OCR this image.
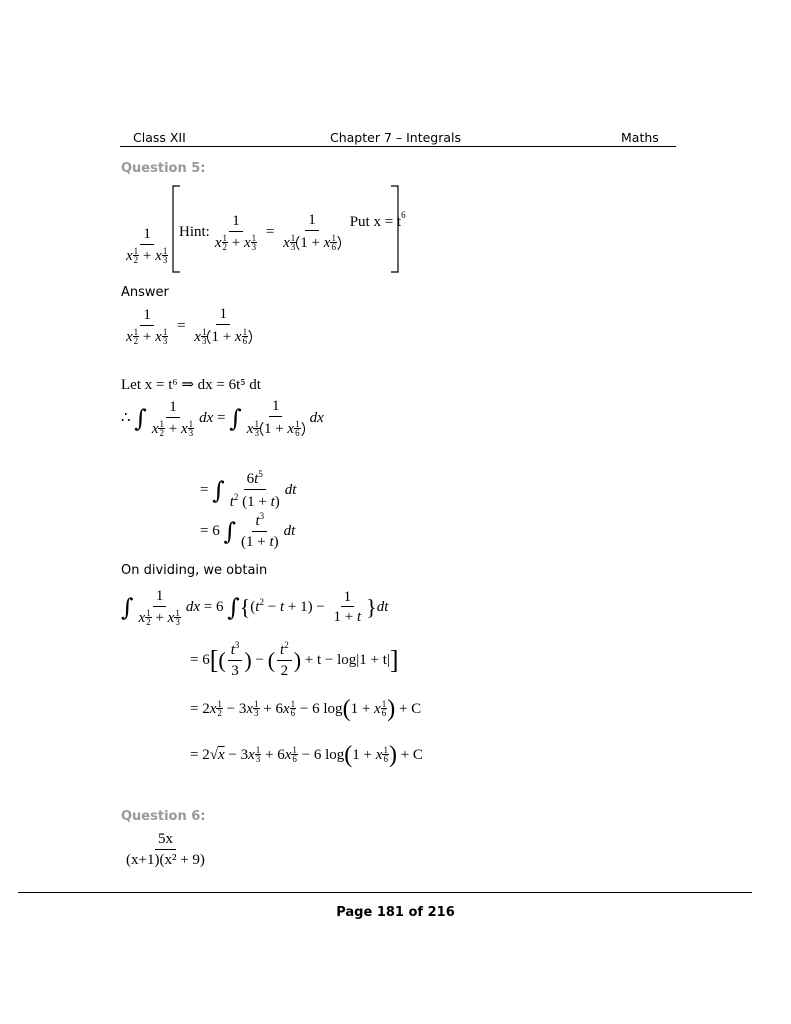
Class XII	Chapter 7 – Integrals	Maths
Question 5:
$\frac{1}{x \frac{1}{2} + x \frac{1}{3}}$ Hint: $\frac{1}{x \frac{1}{2} + x \frac{1}{3}} = \frac{1}{x \frac{1}{3} 1 + x \frac{1}{6}}$ Put $x = t^6$
Answer
$\frac{1}{x \frac{1}{2} + x \frac{1}{3}} = \frac{1}{x \frac{1}{3} 1 + x \frac{1}{6}}$
Let x = t⁶ ⇒ dx = 6t⁵ dt
∴ ∫ $\frac{1}{x \frac{1}{2} + x \frac{1}{3}}$ dx = ∫ $\frac{1}{x \frac{1}{3} 1 + x \frac{1}{6}}$ dx
= ∫ $\frac{6t^5}{t^2 (1 + t)}$ dt
= 6 ∫ $\frac{t^3}{(1 + t)}$ dt
On dividing, we obtain
∫ $\frac{1}{x \frac{1}{2} + x \frac{1}{3}}$ dx = 6 $\int\{(t^2 - t + 1) - \frac{1}{1 + t} \}dt$
= $6[( \frac{t^3}{3}$ ) − ( $\frac{t^2}{2}$ ) + t − log|1 + t|]
= $2x \frac{1}{2} - 3x \frac{1}{3} + 6x \frac{1}{6} - 6$ log(1 + x $\frac{1}{6}$ ) + C
= $2√x - 3x \frac{1}{3} + 6x \frac{1}{6} - 6$ log(1 + x $\frac{1}{6}$ ) + C
Question 6:
$\frac{5x}{\text{(x+1)(x² + 9)}}$
Page 181 of 216
